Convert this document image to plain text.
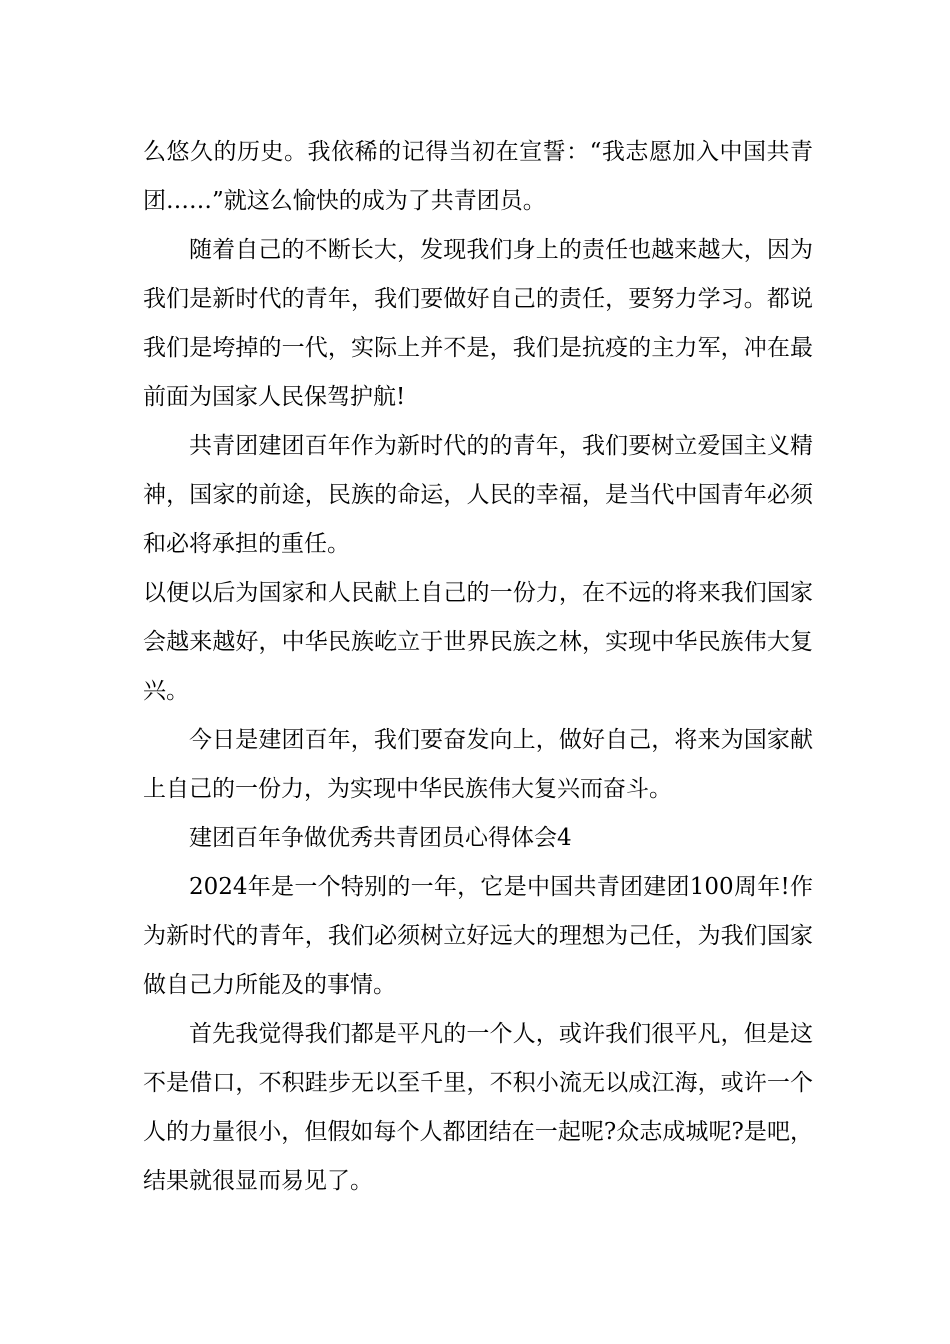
么悠久的历史。我依稀的记得当初在宣誓：“我志愿加入中国共青团……”就这么愉快的成为了共青团员。

随着自己的不断长大，发现我们身上的责任也越来越大，因为我们是新时代的青年，我们要做好自己的责任，要努力学习。都说我们是垮掉的一代，实际上并不是，我们是抗疫的主力军，冲在最前面为国家人民保驾护航!

共青团建团百年作为新时代的的青年，我们要树立爱国主义精神，国家的前途，民族的命运，人民的幸福，是当代中国青年必须和必将承担的重任。

以便以后为国家和人民献上自己的一份力，在不远的将来我们国家会越来越好，中华民族屹立于世界民族之林，实现中华民族伟大复兴。

今日是建团百年，我们要奋发向上，做好自己，将来为国家献上自己的一份力，为实现中华民族伟大复兴而奋斗。

建团百年争做优秀共青团员心得体会4

2024年是一个特别的一年，它是中国共青团建团100周年!作为新时代的青年，我们必须树立好远大的理想为己任，为我们国家做自己力所能及的事情。

首先我觉得我们都是平凡的一个人，或许我们很平凡，但是这不是借口，不积跬步无以至千里，不积小流无以成江海，或许一个人的力量很小，但假如每个人都团结在一起呢?众志成城呢?是吧，结果就很显而易见了。
